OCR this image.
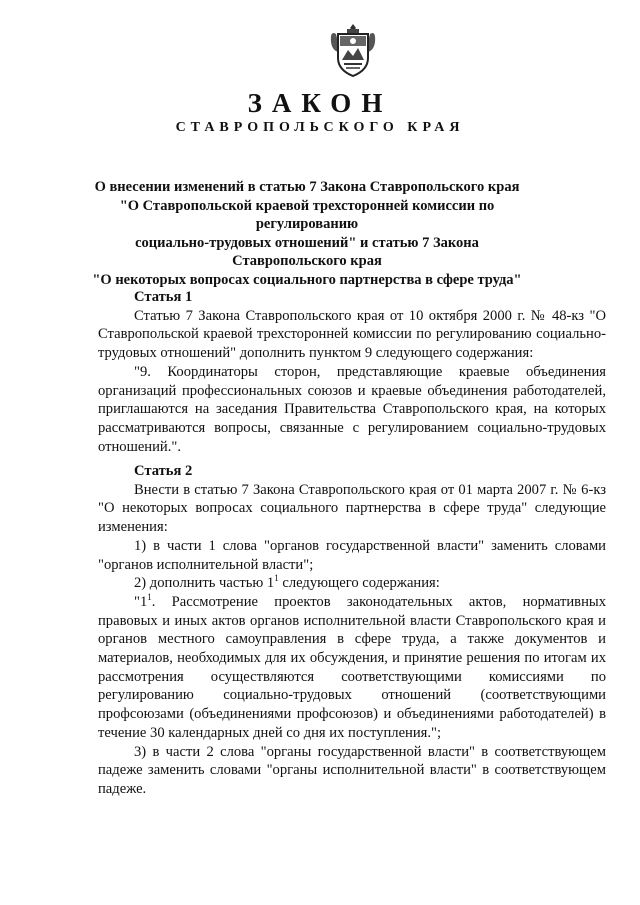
ЗАКОН
СТАВРОПОЛЬСКОГО КРАЯ
О внесении изменений в статью 7 Закона Ставропольского края
"О Ставропольской краевой трехсторонней комиссии по регулированию
социально-трудовых отношений" и статью 7 Закона Ставропольского края
"О некоторых вопросах социального партнерства в сфере труда"

Статья 1

Статью 7 Закона Ставропольского края от 10 октября 2000 г. № 48-кз "О Ставропольской краевой трехсторонней комиссии по регулированию социально-трудовых отношений" дополнить пунктом 9 следующего содержания:

"9. Координаторы сторон, представляющие краевые объединения организаций профессиональных союзов и краевые объединения работодателей, приглашаются на заседания Правительства Ставропольского края, на которых рассматриваются вопросы, связанные с регулированием социально-трудовых отношений.".

Статья 2

Внести в статью 7 Закона Ставропольского края от 01 марта 2007 г. № 6-кз "О некоторых вопросах социального партнерства в сфере труда" следующие изменения:

1) в части 1 слова "органов государственной власти" заменить словами "органов исполнительной власти";

2) дополнить частью $1^1$ следующего содержания:

"$1^1$. Рассмотрение проектов законодательных актов, нормативных правовых и иных актов органов исполнительной власти Ставропольского края и органов местного самоуправления в сфере труда, а также документов и материалов, необходимых для их обсуждения, и принятие решения по итогам их рассмотрения осуществляются соответствующими комиссиями по регулированию социально-трудовых отношений (соответствующими профсоюзами (объединениями профсоюзов) и объединениями работодателей) в течение 30 календарных дней со дня их поступления.";

3) в части 2 слова "органы государственной власти" в соответствующем падеже заменить словами "органы исполнительной власти" в соответствующем падеже.
